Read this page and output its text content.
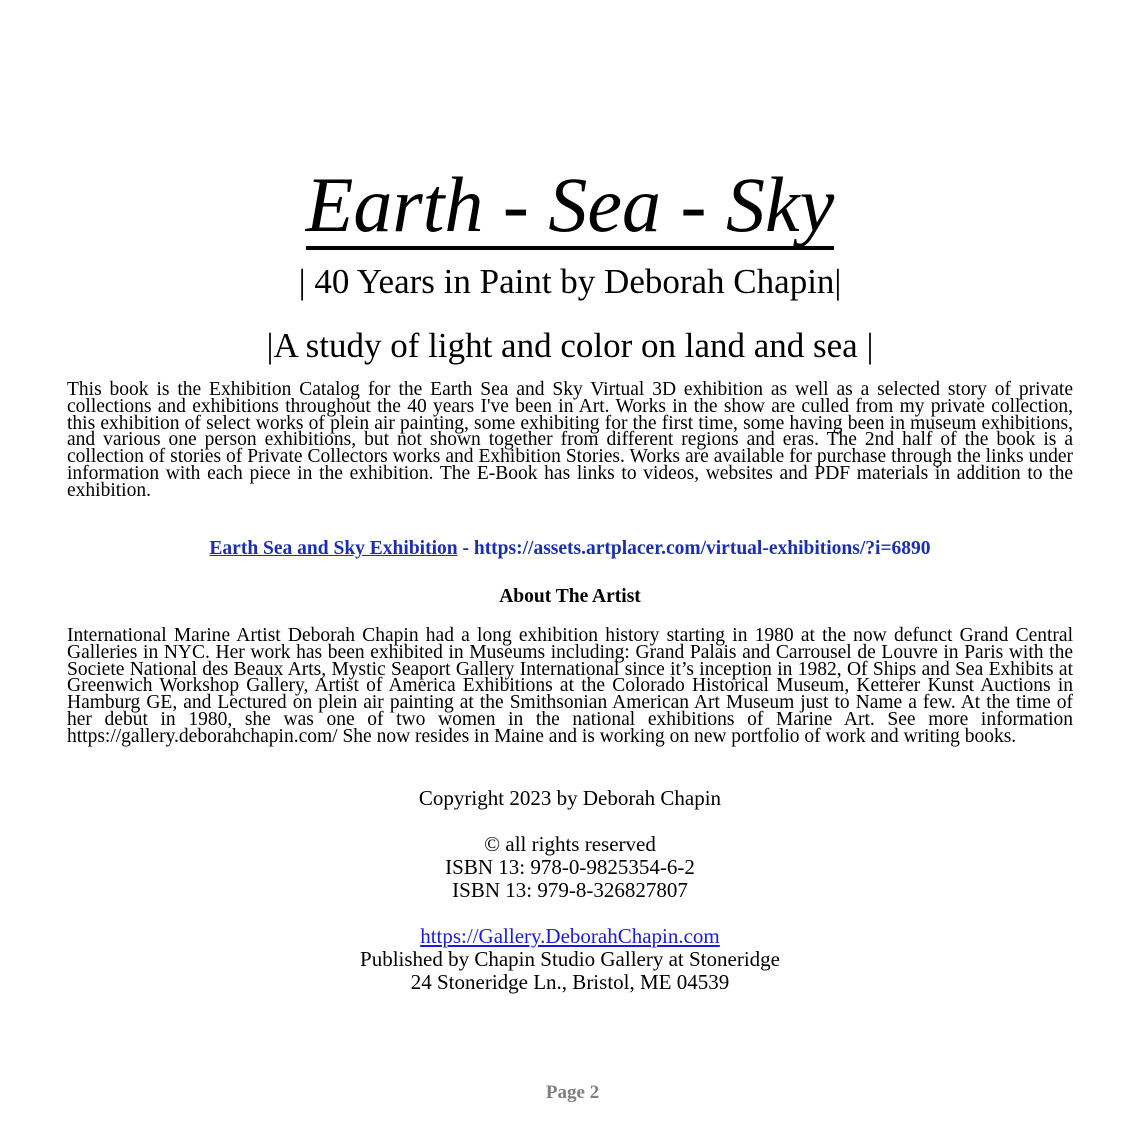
Earth - Sea - Sky
| 40 Years in Paint by Deborah Chapin|
|A study of light and color on land and sea |
This book is the Exhibition Catalog for the Earth Sea and Sky Virtual 3D exhibition as well as a selected story of private collections and exhibitions throughout the 40 years I've been in Art. Works in the show are culled from my private collection, this exhibition of select works of plein air painting, some exhibiting for the first time, some having been in museum exhibitions, and various one person exhibitions, but not shown together from different regions and eras. The 2nd half of the book is a collection of stories of Private Collectors works and Exhibition Stories. Works are available for purchase through the links under information with each piece in the exhibition. The E-Book has links to videos, websites and PDF materials in addition to the exhibition.
Earth Sea and Sky Exhibition - https://assets.artplacer.com/virtual-exhibitions/?i=6890
About The Artist
International Marine Artist Deborah Chapin had a long exhibition history starting in 1980 at the now defunct Grand Central Galleries in NYC. Her work has been exhibited in Museums including: Grand Palais and Carrousel de Louvre in Paris with the Societe National des Beaux Arts, Mystic Seaport Gallery International since it’s inception in 1982, Of Ships and Sea Exhibits at Greenwich Workshop Gallery, Artist of America Exhibitions at the Colorado Historical Museum, Ketterer Kunst Auctions in Hamburg GE, and Lectured on plein air painting at the Smithsonian American Art Museum just to Name a few. At the time of her debut in 1980, she was one of two women in the national exhibitions of Marine Art. See more information https://gallery.deborahchapin.com/ She now resides in Maine and is working on new portfolio of work and writing books.
Copyright 2023 by Deborah Chapin
© all rights reserved
ISBN 13: 978-0-9825354-6-2
ISBN 13: 979-8-326827807
https://Gallery.DeborahChapin.com
Published by Chapin Studio Gallery at Stoneridge
24 Stoneridge Ln., Bristol, ME 04539
Page 2
